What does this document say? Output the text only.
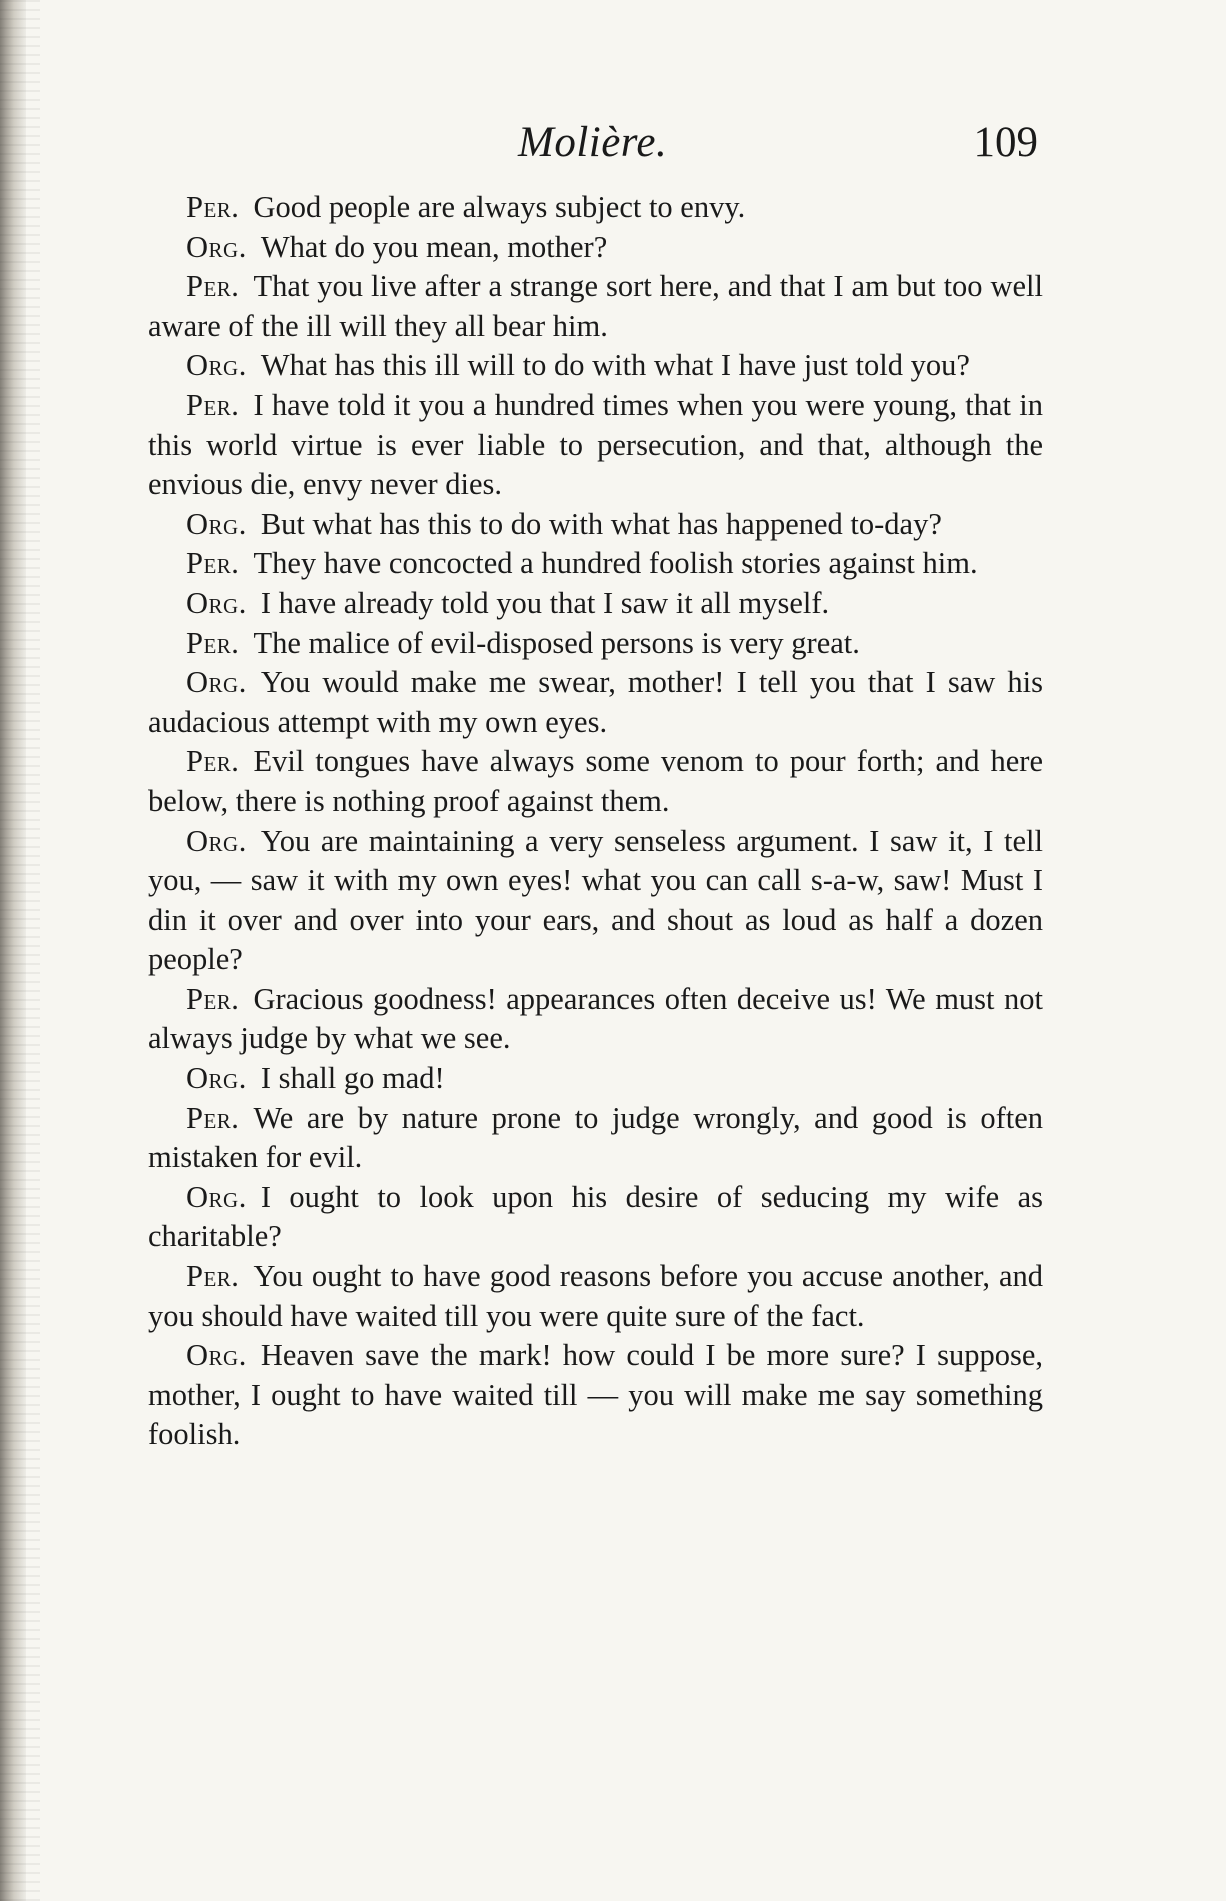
Molière.	109

Per. Good people are always subject to envy.

Org. What do you mean, mother?

Per. That you live after a strange sort here, and that I am but too well aware of the ill will they all bear him.

Org. What has this ill will to do with what I have just told you?

Per. I have told it you a hundred times when you were young, that in this world virtue is ever liable to persecution, and that, although the envious die, envy never dies.

Org. But what has this to do with what has happened to-day?

Per. They have concocted a hundred foolish stories against him.

Org. I have already told you that I saw it all myself.

Per. The malice of evil-disposed persons is very great.

Org. You would make me swear, mother! I tell you that I saw his audacious attempt with my own eyes.

Per. Evil tongues have always some venom to pour forth; and here below, there is nothing proof against them.

Org. You are maintaining a very senseless argument. I saw it, I tell you, — saw it with my own eyes! what you can call s-a-w, saw! Must I din it over and over into your ears, and shout as loud as half a dozen people?

Per. Gracious goodness! appearances often deceive us! We must not always judge by what we see.

Org. I shall go mad!

Per. We are by nature prone to judge wrongly, and good is often mistaken for evil.

Org. I ought to look upon his desire of seducing my wife as charitable?

Per. You ought to have good reasons before you accuse another, and you should have waited till you were quite sure of the fact.

Org. Heaven save the mark! how could I be more sure? I suppose, mother, I ought to have waited till — you will make me say something foolish.
